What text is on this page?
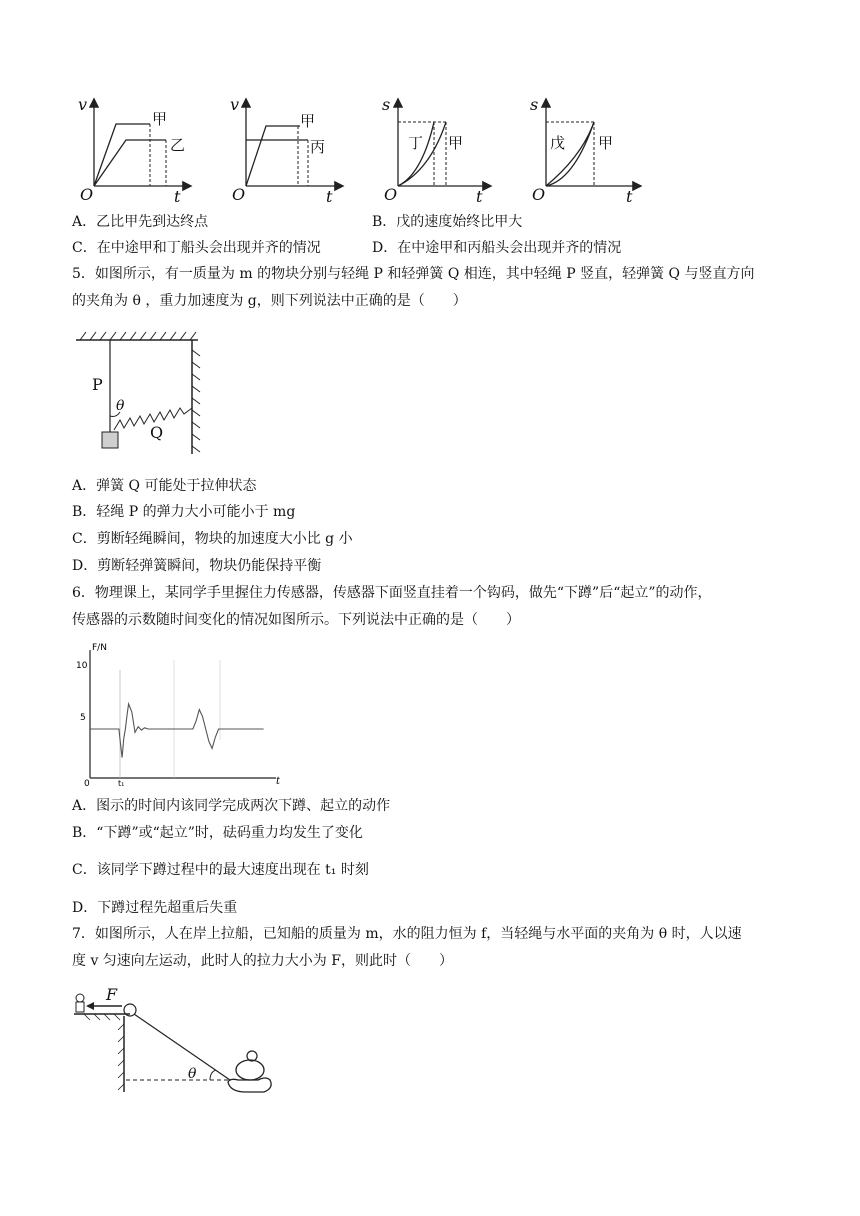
v
t
O
甲
乙
v
t
O
甲
丙
s
t
O
丁 甲
s
t
O
戊 甲
A．乙比甲先到达终点	B．戊的速度始终比甲大
C．在中途甲和丁船头会出现并齐的情况	D．在中途甲和丙船头会出现并齐的情况
5．如图所示，有一质量为 m 的物块分别与轻绳 P 和轻弹簧 Q 相连，其中轻绳 P 竖直，轻弹簧 Q 与竖直方向
的夹角为 θ ，重力加速度为 g，则下列说法中正确的是（　　）
P
Q
θ
A．弹簧 Q 可能处于拉伸状态
B．轻绳 P 的弹力大小可能小于 mg
C．剪断轻绳瞬间，物块的加速度大小比 g 小
D．剪断轻弹簧瞬间，物块仍能保持平衡
6．物理课上，某同学手里握住力传感器，传感器下面竖直挂着一个钩码，做先“下蹲”后“起立”的动作，
传感器的示数随时间变化的情况如图所示。下列说法中正确的是（　　）
F/N
t
10
5
0	t₁
A．图示的时间内该同学完成两次下蹲、起立的动作
B．“下蹲”或“起立”时，砝码重力均发生了变化
C．该同学下蹲过程中的最大速度出现在 t₁ 时刻
D．下蹲过程先超重后失重
7．如图所示，人在岸上拉船，已知船的质量为 m，水的阻力恒为 f，当轻绳与水平面的夹角为 θ 时，人以速
度 v 匀速向左运动，此时人的拉力大小为 F，则此时（　　）
F
θ
